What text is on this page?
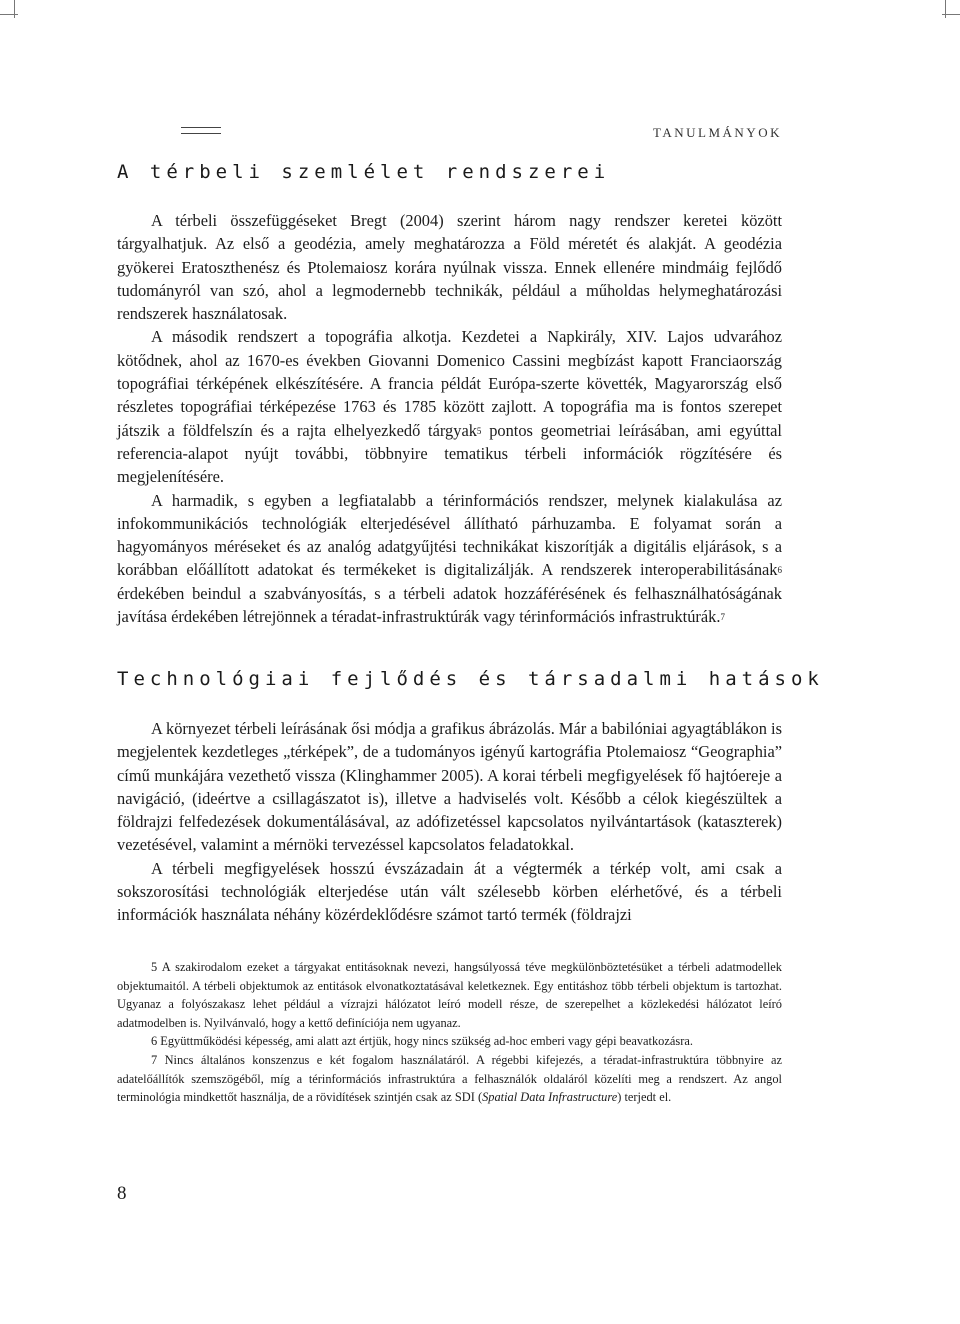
TANULMÁNYOK
A térbeli szemlélet rendszerei

A térbeli összefüggéseket Bregt (2004) szerint három nagy rendszer keretei között tárgyalhatjuk. Az első a geodézia, amely meghatározza a Föld méretét és alakját. A geodézia gyökerei Eratoszthenész és Ptolemaiosz korára nyúlnak vissza. Ennek ellenére mindmáig fejlődő tudományról van szó, ahol a legmodernebb technikák, például a műholdas helymeghatározási rendszerek használatosak.

A második rendszert a topográfia alkotja. Kezdetei a Napkirály, XIV. Lajos udvarához kötődnek, ahol az 1670-es években Giovanni Domenico Cassini megbízást kapott Franciaország topográfiai térképének elkészítésére. A francia példát Európa-szerte követték, Magyarország első részletes topográfiai térképezése 1763 és 1785 között zajlott. A topográfia ma is fontos szerepet játszik a földfelszín és a rajta elhelyezkedő tárgyak$^5$ pontos geometriai leírásában, ami egyúttal referencia-alapot nyújt további, többnyire tematikus térbeli információk rögzítésére és megjelenítésére.

A harmadik, s egyben a legfiatalabb a térinformációs rendszer, melynek kialakulása az infokommunikációs technológiák elterjedésével állítható párhuzamba. E folyamat során a hagyományos méréseket és az analóg adatgyűjtési technikákat kiszorítják a digitális eljárások, s a korábban előállított adatokat és termékeket is digitalizálják. A rendszerek interoperabilitásának$^6$ érdekében beindul a szabványosítás, s a térbeli adatok hozzáférésének és felhasználhatóságának javítása érdekében létrejönnek a téradat-infrastruktúrák vagy térinformációs infrastruktúrák.$^7$

Technológiai fejlődés és társadalmi hatások

A környezet térbeli leírásának ősi módja a grafikus ábrázolás. Már a babilóniai agyagtáblákon is megjelentek kezdetleges „térképek”, de a tudományos igényű kartográfia Ptolemaiosz “Geographia” című munkájára vezethető vissza (Klinghammer 2005). A korai térbeli megfigyelések fő hajtóereje a navigáció, (ideértve a csillagászatot is), illetve a hadviselés volt. Később a célok kiegészültek a földrajzi felfedezések dokumentálásával, az adófizetéssel kapcsolatos nyilvántartások (kataszterek) vezetésével, valamint a mérnöki tervezéssel kapcsolatos feladatokkal.

A térbeli megfigyelések hosszú évszázadain át a végtermék a térkép volt, ami csak a sokszorosítási technológiák elterjedése után vált szélesebb körben elérhetővé, és a térbeli információk használata néhány közérdeklődésre számot tartó termék (földrajzi

5 A szakirodalom ezeket a tárgyakat entitásoknak nevezi, hangsúlyossá téve megkülönböztetésüket a térbeli adatmodellek objektumaitól. A térbeli objektumok az entitások elvonatkoztatásával keletkeznek. Egy entitáshoz több térbeli objektum is tartozhat. Ugyanaz a folyószakasz lehet például a vízrajzi hálózatot leíró modell része, de szerepelhet a közlekedési hálózatot leíró adatmodelben is. Nyilvánvaló, hogy a kettő definíciója nem ugyanaz.

6 Együttműködési képesség, ami alatt azt értjük, hogy nincs szükség ad-hoc emberi vagy gépi beavatkozásra.

7 Nincs általános konszenzus e két fogalom használatáról. A régebbi kifejezés, a téradat-infrastruktúra többnyire az adatelőállítók szemszögéből, míg a térinformációs infrastruktúra a felhasználók oldaláról közelíti meg a rendszert. Az angol terminológia mindkettőt használja, de a rövidítések szintjén csak az SDI (Spatial Data Infrastructure) terjedt el.

8
